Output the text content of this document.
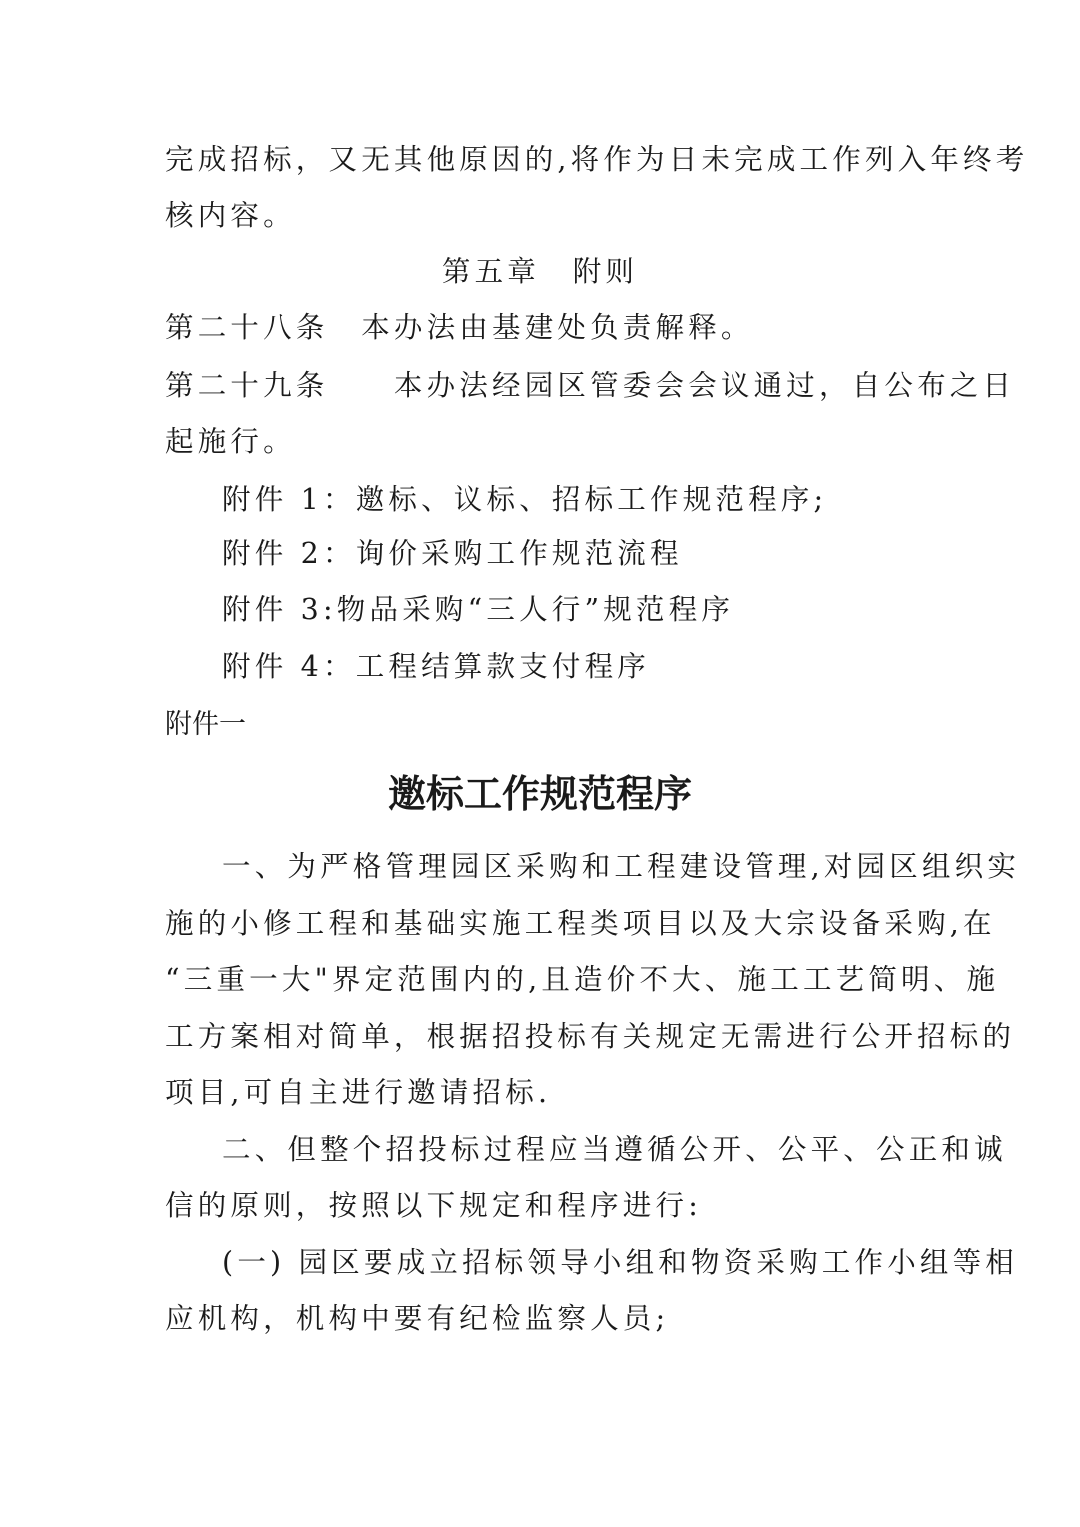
完成招标，又无其他原因的,将作为日未完成工作列入年终考
核内容。
第五章　附则
第二十八条　本办法由基建处负责解释。
第二十九条　　本办法经园区管委会会议通过，自公布之日
起施行。
附件 1：邀标、议标、招标工作规范程序;
附件 2：询价采购工作规范流程
附件 3:物品采购“三人行”规范程序
附件 4：工程结算款支付程序
附件一
邀标工作规范程序
一、为严格管理园区采购和工程建设管理,对园区组织实
施的小修工程和基础实施工程类项目以及大宗设备采购,在
“三重一大"界定范围内的,且造价不大、施工工艺简明、施
工方案相对简单，根据招投标有关规定无需进行公开招标的
项目,可自主进行邀请招标.
二、但整个招投标过程应当遵循公开、公平、公正和诚
信的原则，按照以下规定和程序进行:
(一) 园区要成立招标领导小组和物资采购工作小组等相
应机构，机构中要有纪检监察人员;
